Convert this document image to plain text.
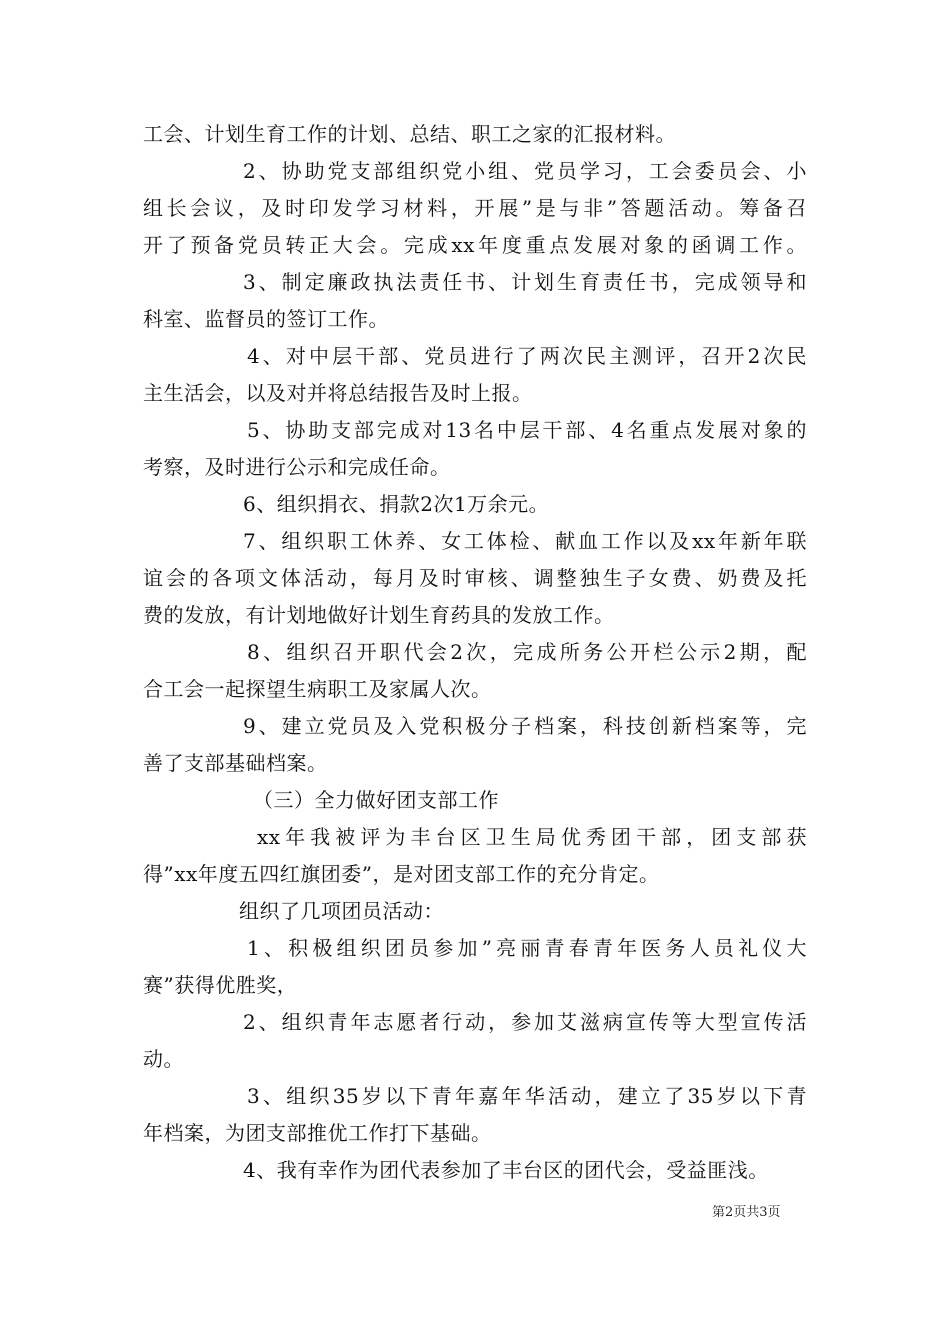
工会、计划生育工作的计划、总结、职工之家的汇报材料。
2、协助党支部组织党小组、党员学习，工会委员会、小
组长会议，及时印发学习材料，开展”是与非”答题活动。筹备召
开了预备党员转正大会。完成xx年度重点发展对象的函调工作。
3、制定廉政执法责任书、计划生育责任书，完成领导和
科室、监督员的签订工作。
4、对中层干部、党员进行了两次民主测评，召开2次民
主生活会，以及对并将总结报告及时上报。
5、协助支部完成对13名中层干部、4名重点发展对象的
考察，及时进行公示和完成任命。
6、组织捐衣、捐款2次1万余元。
7、组织职工休养、女工体检、献血工作以及xx年新年联
谊会的各项文体活动，每月及时审核、调整独生子女费、奶费及托
费的发放，有计划地做好计划生育药具的发放工作。
8、组织召开职代会2次，完成所务公开栏公示2期，配
合工会一起探望生病职工及家属人次。
9、建立党员及入党积极分子档案，科技创新档案等，完
善了支部基础档案。
（三）全力做好团支部工作
xx年我被评为丰台区卫生局优秀团干部，团支部获
得”xx年度五四红旗团委”，是对团支部工作的充分肯定。
组织了几项团员活动：
1、积极组织团员参加”亮丽青春青年医务人员礼仪大
赛”获得优胜奖，
2、组织青年志愿者行动，参加艾滋病宣传等大型宣传活
动。
3、组织35岁以下青年嘉年华活动，建立了35岁以下青
年档案，为团支部推优工作打下基础。
4、我有幸作为团代表参加了丰台区的团代会，受益匪浅。
第2页共3页
